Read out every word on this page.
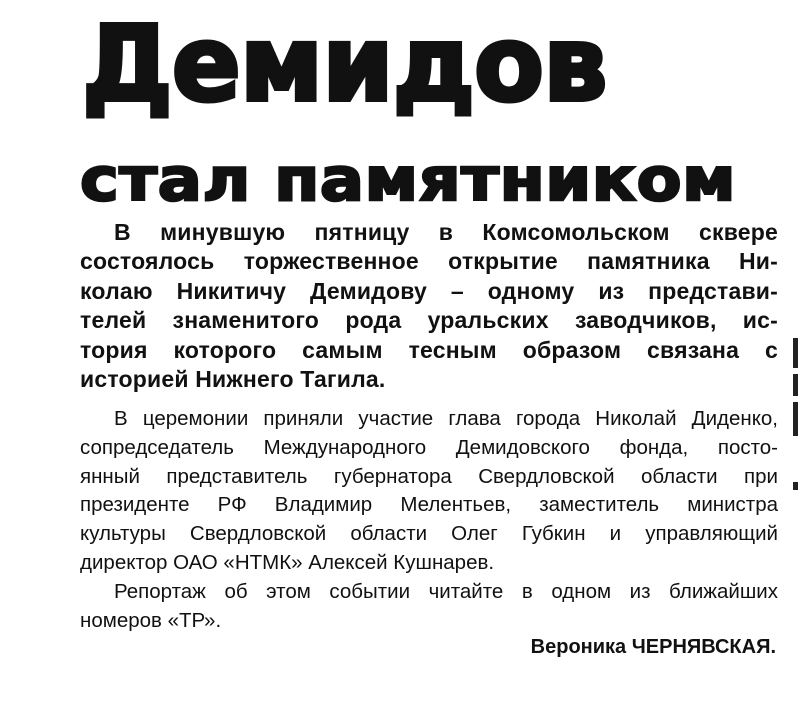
Демидов
стал памятником
В минувшую пятницу в Комсомольском сквере
состоялось торжественное открытие памятника Ни-
колаю Никитичу Демидову – одному из представи-
телей знаменитого рода уральских заводчиков, ис-
тория которого самым тесным образом связана с
историей Нижнего Тагила.

В церемонии приняли участие глава города Николай Диденко,
сопредседатель Международного Демидовского фонда, посто-
янный представитель губернатора Свердловской области при
президенте РФ Владимир Мелентьев, заместитель министра
культуры Свердловской области Олег Губкин и управляющий
директор ОАО «НТМК» Алексей Кушнарев.

Репортаж об этом событии читайте в одном из ближайших
номеров «ТР».

Вероника ЧЕРНЯВСКАЯ.
